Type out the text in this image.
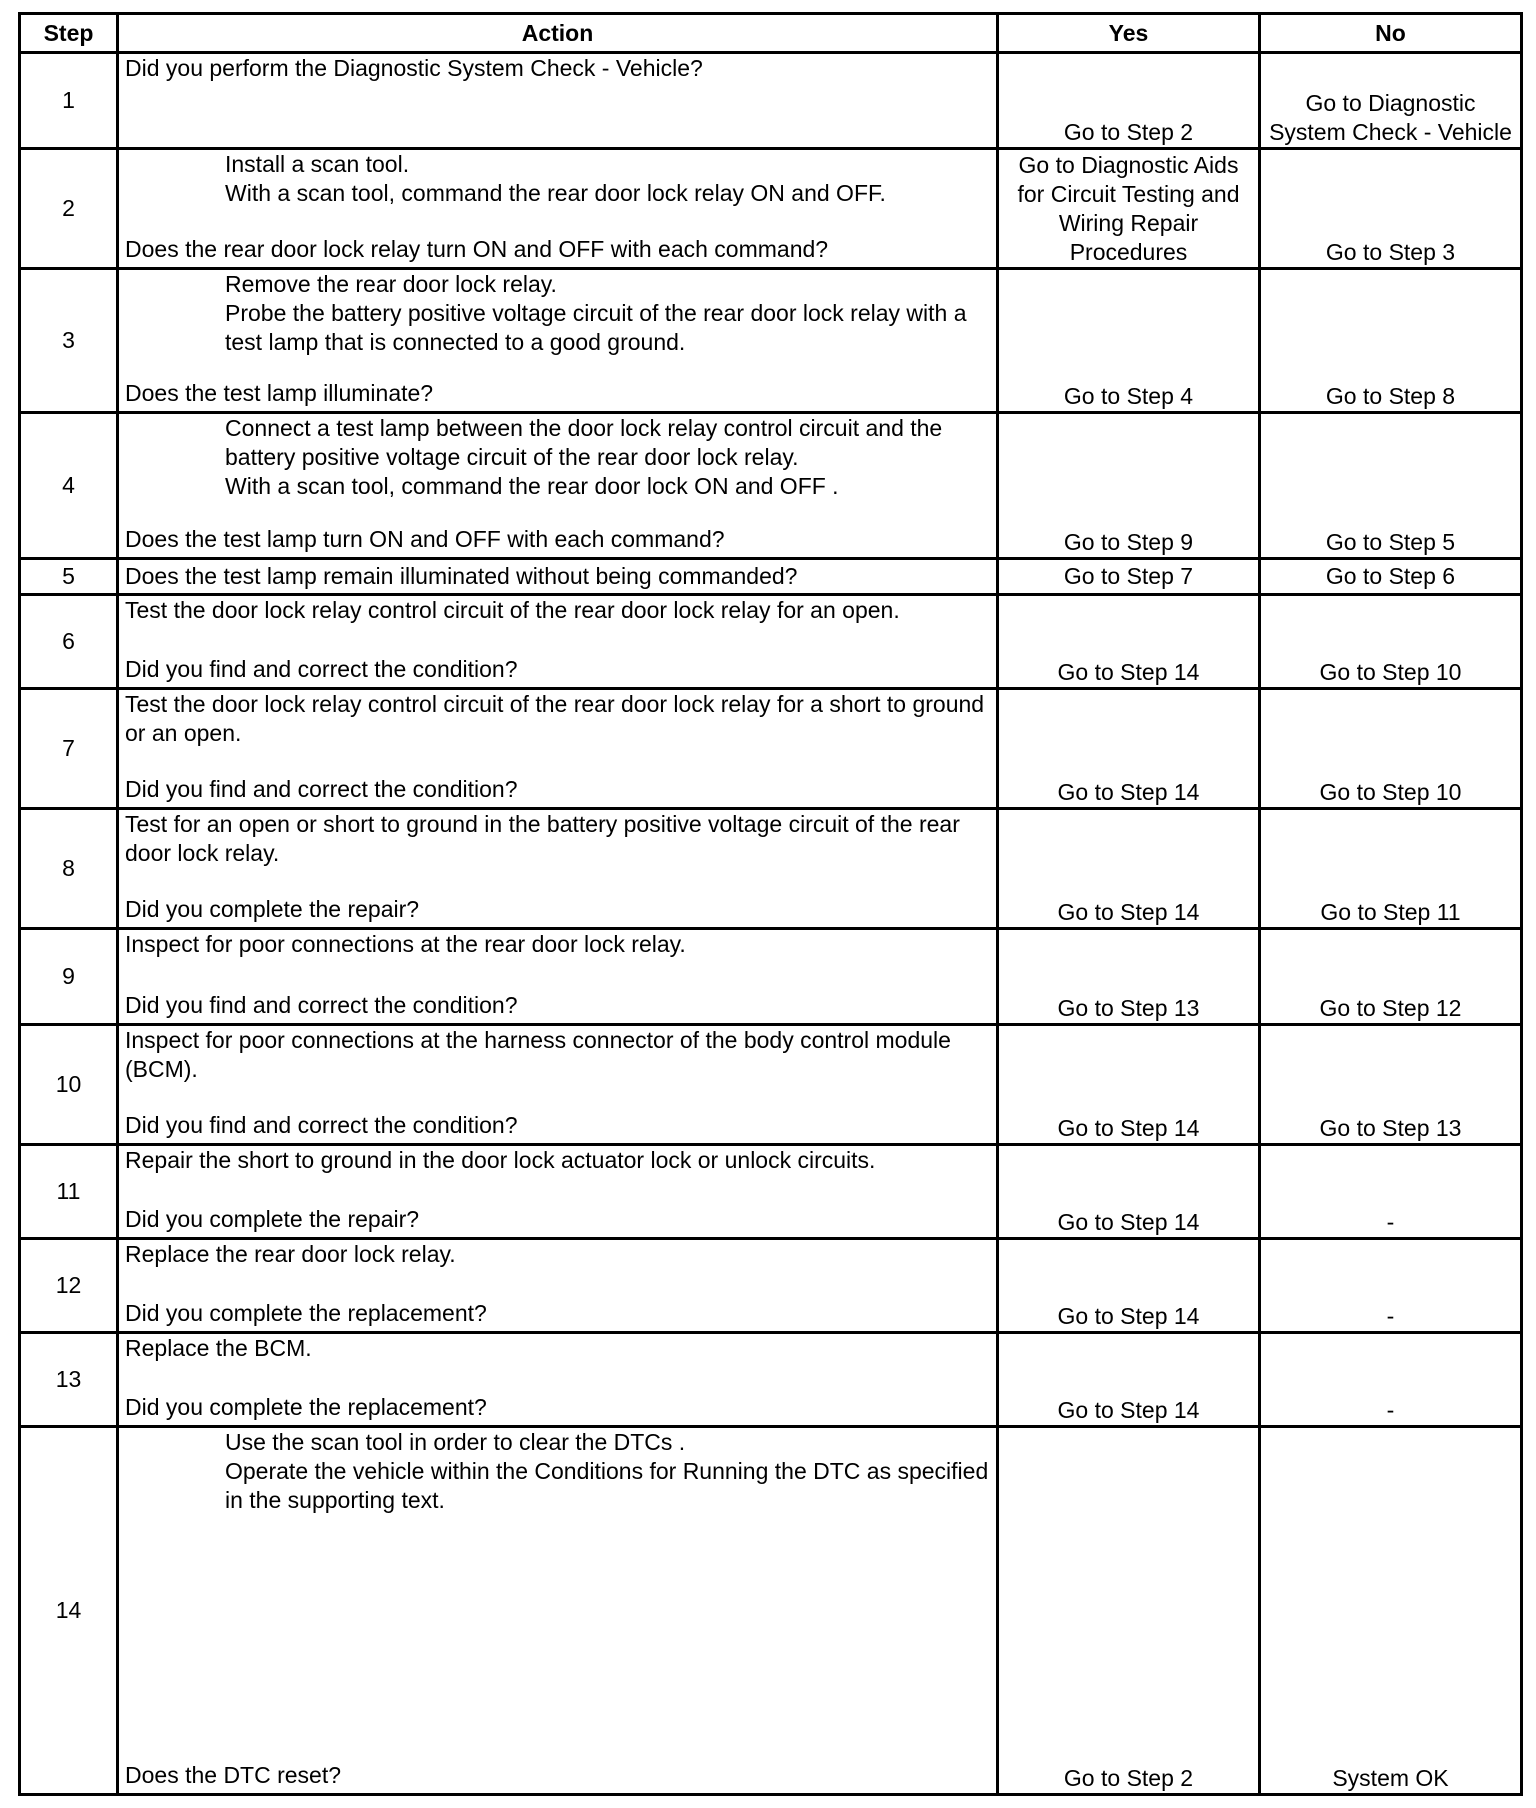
Step	Action	Yes	No
1	Did you perform the Diagnostic System Check - Vehicle?	Go to Step 2	Go to Diagnostic System Check - Vehicle
2	Install a scan tool.
With a scan tool, command the rear door lock relay ON and OFF.
Does the rear door lock relay turn ON and OFF with each command?	Go to Diagnostic Aids for Circuit Testing and Wiring Repair Procedures	Go to Step 3
3	Remove the rear door lock relay.
Probe the battery positive voltage circuit of the rear door lock relay with a test lamp that is connected to a good ground.
Does the test lamp illuminate?	Go to Step 4	Go to Step 8
4	Connect a test lamp between the door lock relay control circuit and the battery positive voltage circuit of the rear door lock relay.
With a scan tool, command the rear door lock ON and OFF .
Does the test lamp turn ON and OFF with each command?	Go to Step 9	Go to Step 5
5	Does the test lamp remain illuminated without being commanded?	Go to Step 7	Go to Step 6
6	Test the door lock relay control circuit of the rear door lock relay for an open.
Did you find and correct the condition?	Go to Step 14	Go to Step 10
7	Test the door lock relay control circuit of the rear door lock relay for a short to ground or an open.
Did you find and correct the condition?	Go to Step 14	Go to Step 10
8	Test for an open or short to ground in the battery positive voltage circuit of the rear door lock relay.
Did you complete the repair?	Go to Step 14	Go to Step 11
9	Inspect for poor connections at the rear door lock relay.
Did you find and correct the condition?	Go to Step 13	Go to Step 12
10	Inspect for poor connections at the harness connector of the body control module (BCM).
Did you find and correct the condition?	Go to Step 14	Go to Step 13
11	Repair the short to ground in the door lock actuator lock or unlock circuits.
Did you complete the repair?	Go to Step 14	-
12	Replace the rear door lock relay.
Did you complete the replacement?	Go to Step 14	-
13	Replace the BCM.
Did you complete the replacement?	Go to Step 14	-
14	Use the scan tool in order to clear the DTCs .
Operate the vehicle within the Conditions for Running the DTC as specified in the supporting text.
Does the DTC reset?	Go to Step 2	System OK
